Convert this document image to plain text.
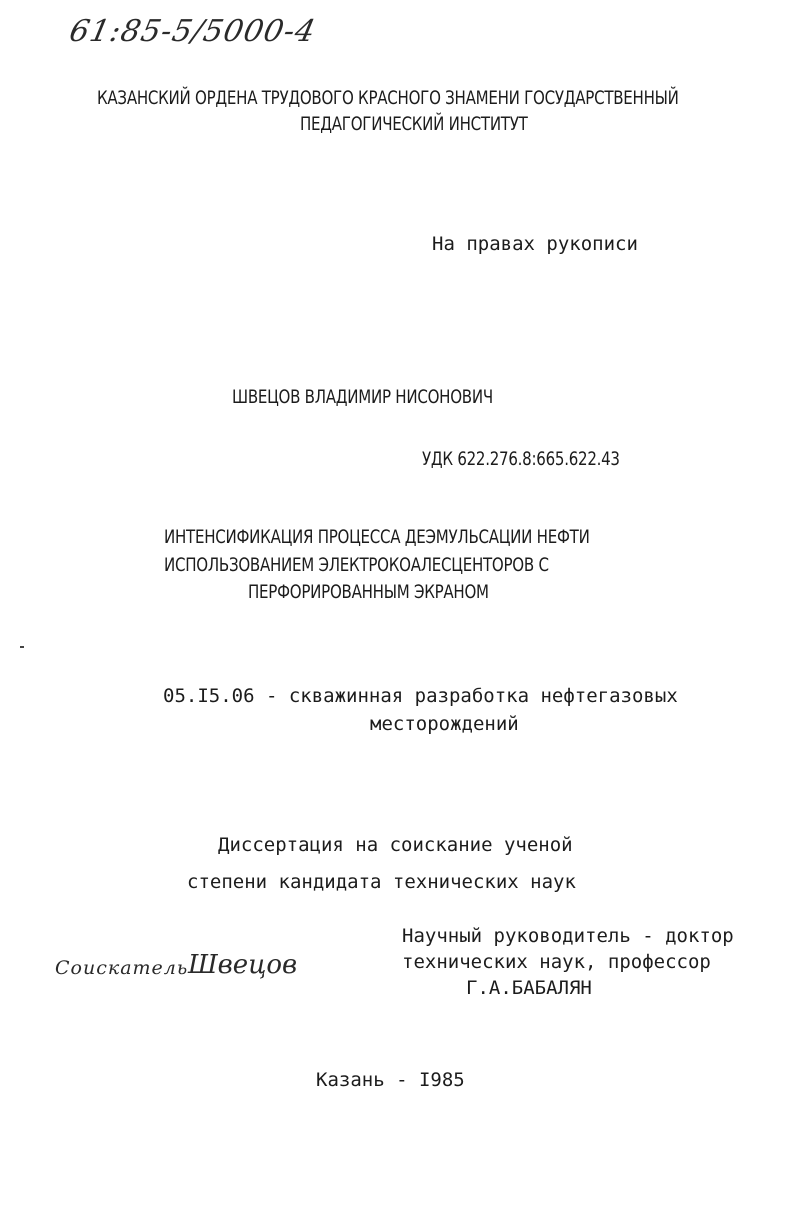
61:85-5/5000-4
КАЗАНСКИЙ ОРДЕНА ТРУДОВОГО КРАСНОГО ЗНАМЕНИ ГОСУДАРСТВЕННЫЙ
ПЕДАГОГИЧЕСКИЙ ИНСТИТУТ
На правах рукописи
ШВЕЦОВ ВЛАДИМИР НИСОНОВИЧ
УДК 622.276.8:665.622.43
ИНТЕНСИФИКАЦИЯ ПРОЦЕССА ДЕЭМУЛЬСАЦИИ НЕФТИ
ИСПОЛЬЗОВАНИЕМ ЭЛЕКТРОКОАЛЕСЦЕНТОРОВ С
ПЕРФОРИРОВАННЫМ ЭКРАНОМ
05.I5.06 - скважинная разработка нефтегазовых
месторождений
Диссертация на соискание ученой
степени кандидата технических наук
Научный руководитель - доктор
технических наук, профессор
Г.А.БАБАЛЯН
Соискатель Швецов
Казань - I985
